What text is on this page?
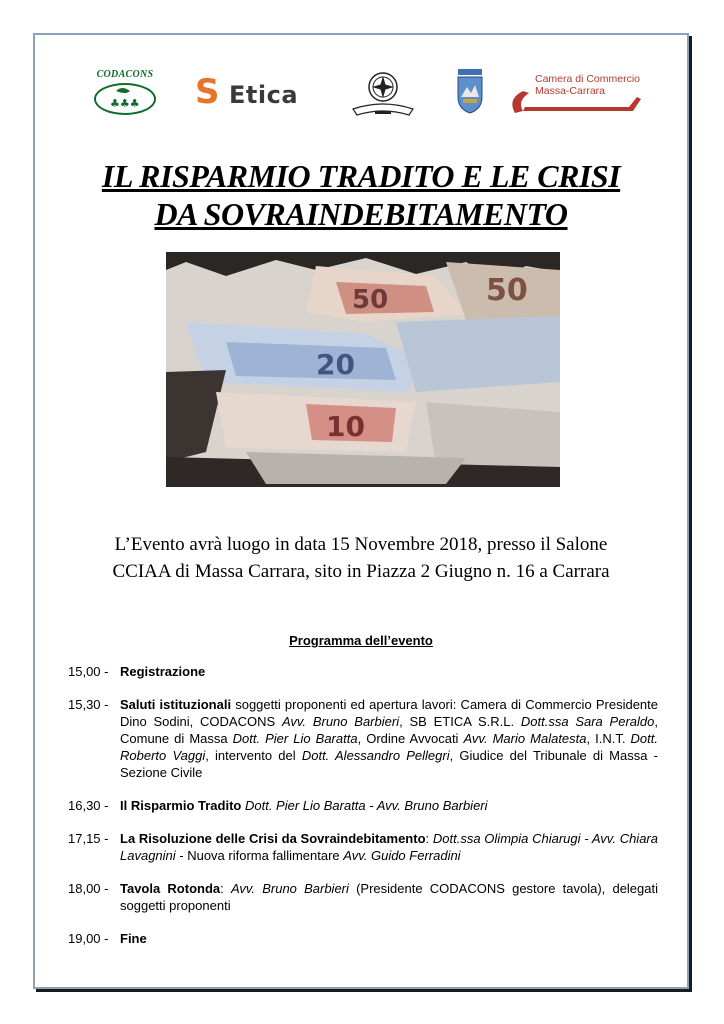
CODACONS
♣♣♣ S Etica
Camera di Commercio
Massa-Carrara
IL RISPARMIO TRADITO E LE CRISI
DA SOVRAINDEBITAMENTO
50	50
20
10
L’Evento avrà luogo in data 15 Novembre 2018, presso il Salone
CCIAA di Massa Carrara, sito in Piazza 2 Giugno n. 16 a Carrara
Programma dell’evento
15,00 - Registrazione
15,30 - Saluti istituzionali soggetti proponenti ed apertura lavori: Camera di Commercio Presidente Dino Sodini, CODACONS Avv. Bruno Barbieri, SB ETICA S.R.L. Dott.ssa Sara Peraldo, Comune di Massa Dott. Pier Lio Baratta, Ordine Avvocati Avv. Mario Malatesta, I.N.T. Dott. Roberto Vaggi, intervento del Dott. Alessandro Pellegri, Giudice del Tribunale di Massa - Sezione Civile
16,30 - Il Risparmio Tradito Dott. Pier Lio Baratta - Avv. Bruno Barbieri
17,15 - La Risoluzione delle Crisi da Sovraindebitamento: Dott.ssa Olimpia Chiarugi - Avv. Chiara Lavagnini - Nuova riforma fallimentare Avv. Guido Ferradini
18,00 - Tavola Rotonda: Avv. Bruno Barbieri (Presidente CODACONS gestore tavola), delegati soggetti proponenti
19,00 - Fine
